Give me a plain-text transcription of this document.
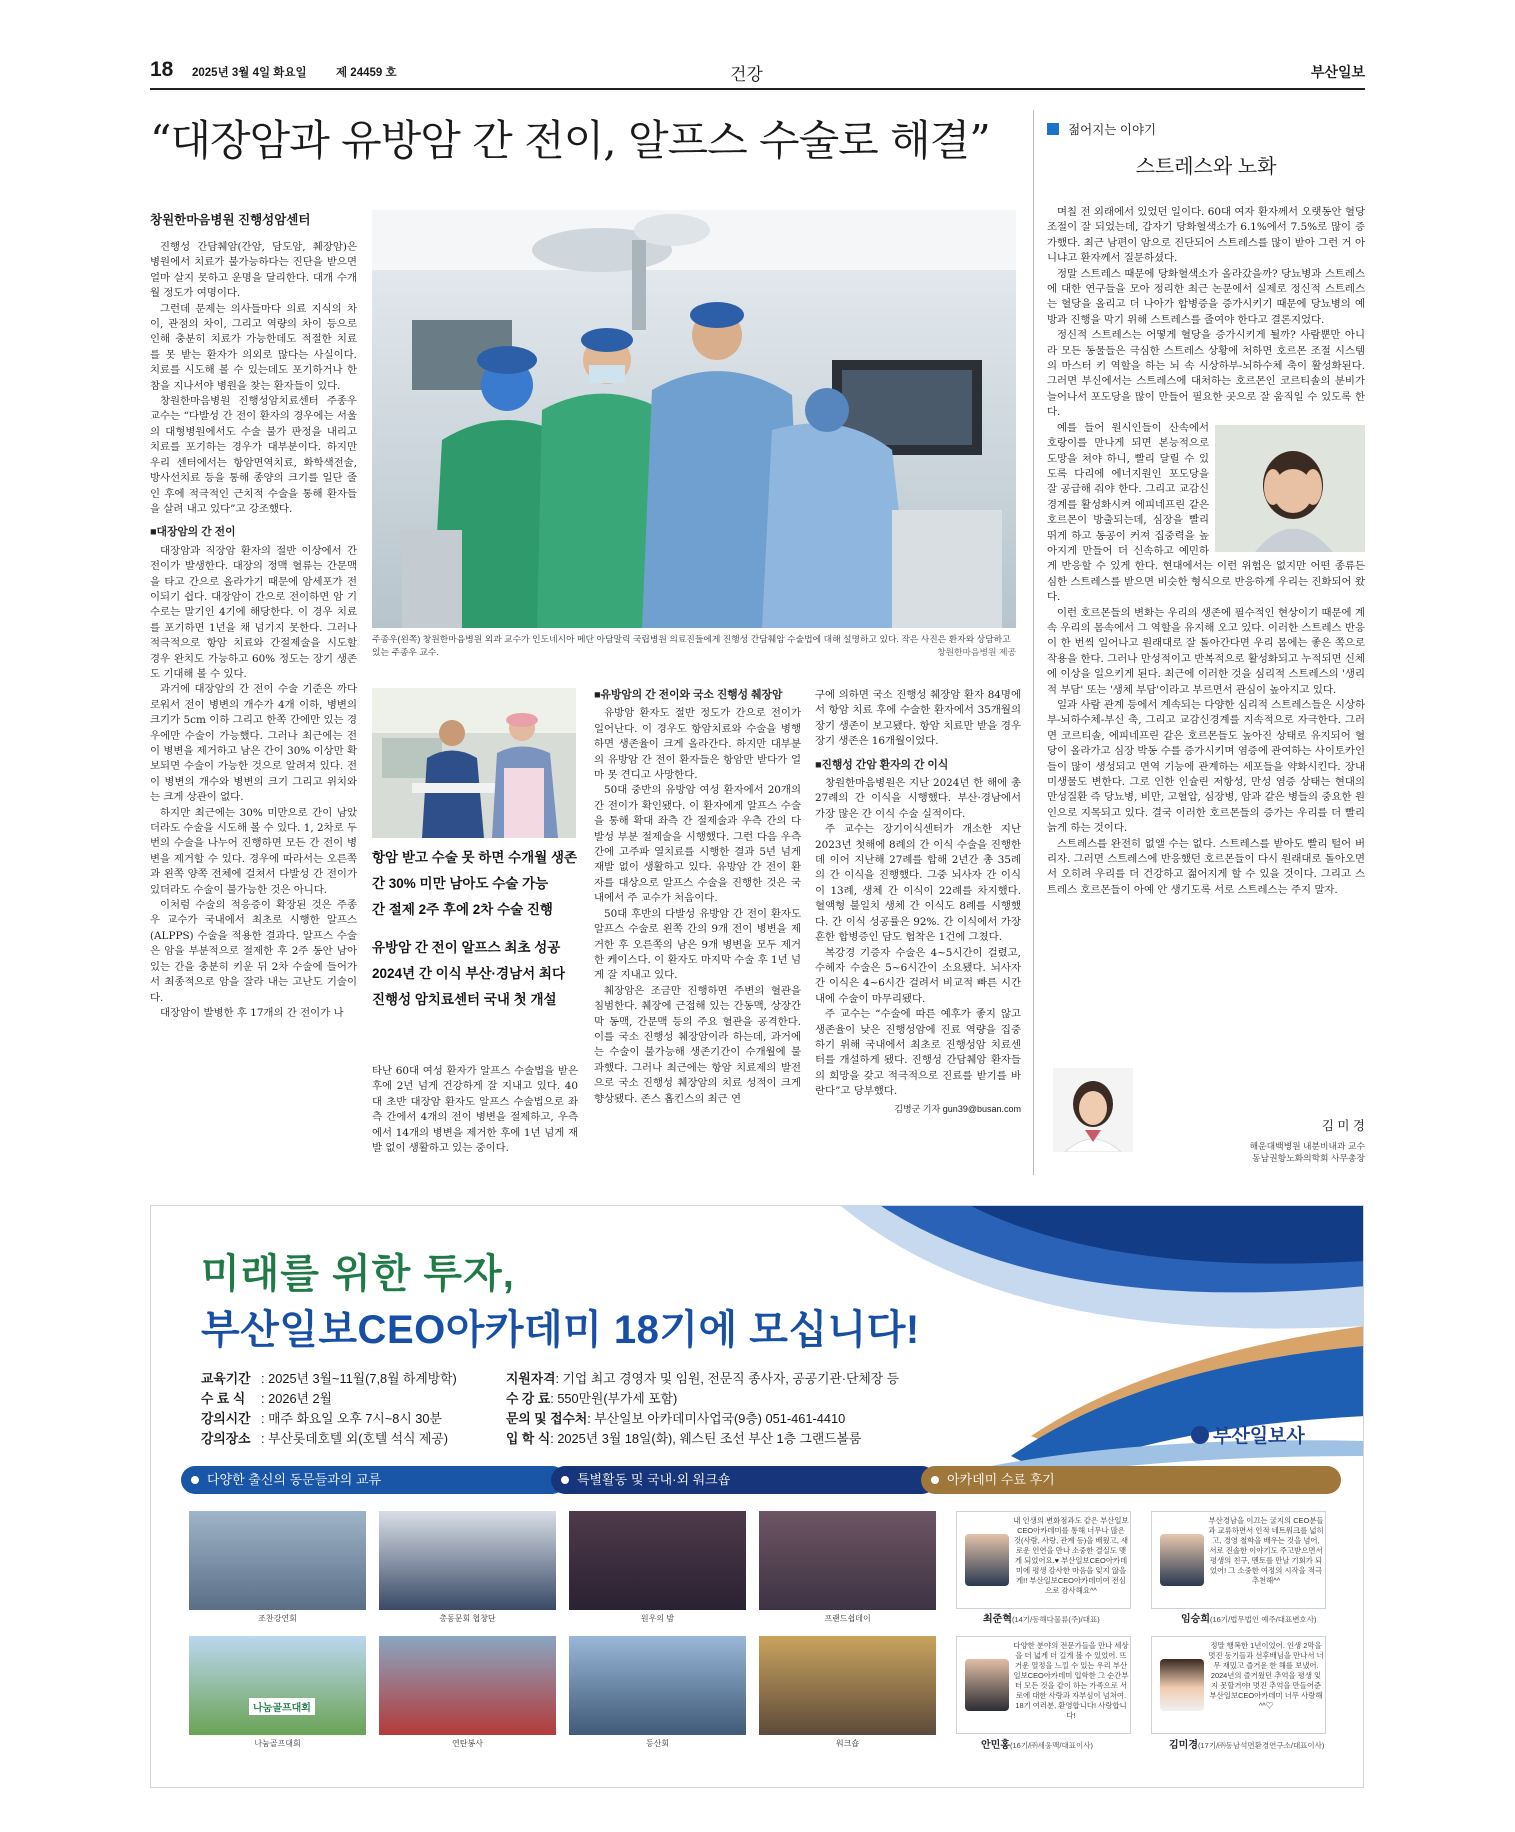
18 2025년 3월 4일 화요일	제 24459 호	건강	부산일보
“대장암과 유방암 간 전이, 알프스 수술로 해결”
창원한마음병원 진행성암센터

진행성 간담췌암(간암, 담도암, 췌장암)은 병원에서 치료가 불가능하다는 진단을 받으면 얼마 살지 못하고 운명을 달리한다. 대개 수개월 정도가 여명이다.

그런데 문제는 의사들마다 의료 지식의 차이, 관점의 차이, 그리고 역량의 차이 등으로 인해 충분히 치료가 가능한데도 적절한 치료를 못 받는 환자가 의외로 많다는 사실이다. 치료를 시도해 볼 수 있는데도 포기하거나 한 참을 지나서야 병원을 찾는 환자들이 있다.

창원한마음병원 진행성암치료센터 주종우 교수는 “다발성 간 전이 환자의 경우에는 서울의 대형병원에서도 수술 불가 판정을 내리고 치료를 포기하는 경우가 대부분이다. 하지만 우리 센터에서는 항암면역치료, 화학색전술, 방사선치료 등을 통해 종양의 크기를 일단 줄인 후에 적극적인 근치적 수술을 통해 환자들을 살려 내고 있다”고 강조했다.

■대장암의 간 전이

대장암과 직장암 환자의 절반 이상에서 간 전이가 발생한다. 대장의 정맥 혈류는 간문맥을 타고 간으로 올라가기 때문에 암세포가 전이되기 쉽다. 대장암이 간으로 전이하면 암 기수로는 말기인 4기에 해당한다. 이 경우 치료를 포기하면 1년을 채 넘기지 못한다. 그러나 적극적으로 항암 치료와 간절제술을 시도할 경우 완치도 가능하고 60% 정도는 장기 생존도 기대해 볼 수 있다.

과거에 대장암의 간 전이 수술 기준은 까다로워서 전이 병변의 개수가 4개 이하, 병변의 크기가 5cm 이하 그리고 한쪽 간에만 있는 경우에만 수술이 가능했다. 그러나 최근에는 전이 병변을 제거하고 남은 간이 30% 이상만 확보되면 수술이 가능한 것으로 알려져 있다. 전이 병변의 개수와 병변의 크기 그리고 위치와는 크게 상관이 없다.

하지만 최근에는 30% 미만으로 간이 남았더라도 수술을 시도해 볼 수 있다. 1, 2차로 두 번의 수술을 나누어 진행하면 모든 간 전이 병변을 제거할 수 있다. 경우에 따라서는 오른쪽과 왼쪽 양쪽 전체에 걸쳐서 다발성 간 전이가 있더라도 수술이 불가능한 것은 아니다.

이처럼 수술의 적응증이 확장된 것은 주종우 교수가 국내에서 최초로 시행한 알프스(ALPPS) 수술을 적용한 결과다. 알프스 수술은 암을 부분적으로 절제한 후 2주 동안 남아 있는 간을 충분히 키운 뒤 2차 수술에 들어가서 최종적으로 암을 잘라 내는 고난도 기술이다.

대장암이 발병한 후 17개의 간 전이가 나

주종우(왼쪽) 창원한마음병원 외과 교수가 인도네시아 메단 아담말릭 국립병원 의료진들에게 진행성 간담췌암 수술법에 대해 설명하고 있다. 작은 사진은 환자와 상담하고 있는 주종우 교수.	창원한마음병원 제공
항암 받고 수술 못 하면 수개월 생존
간 30% 미만 남아도 수술 가능
간 절제 2주 후에 2차 수술 진행
유방암 간 전이 알프스 최초 성공
2024년 간 이식 부산·경남서 최다
진행성 암치료센터 국내 첫 개설

타난 60대 여성 환자가 알프스 수술법을 받은 후에 2년 넘게 건강하게 잘 지내고 있다. 40대 초반 대장암 환자도 알프스 수술법으로 좌측 간에서 4개의 전이 병변을 절제하고, 우측에서 14개의 병변을 제거한 후에 1년 넘게 재발 없이 생활하고 있는 중이다.

■유방암의 간 전이와 국소 진행성 췌장암

유방암 환자도 절반 정도가 간으로 전이가 일어난다. 이 경우도 항암치료와 수술을 병행하면 생존율이 크게 올라간다. 하지만 대부분의 유방암 간 전이 환자들은 항암만 받다가 얼마 못 견디고 사망한다.

50대 중반의 유방암 여성 환자에서 20개의 간 전이가 확인됐다. 이 환자에게 알프스 수술을 통해 확대 좌측 간 절제술과 우측 간의 다발성 부분 절제술을 시행했다. 그런 다음 우측 간에 고주파 열치료를 시행한 결과 5년 넘게 재발 없이 생활하고 있다. 유방암 간 전이 환자를 대상으로 알프스 수술을 진행한 것은 국내에서 주 교수가 처음이다.

50대 후반의 다발성 유방암 간 전이 환자도 알프스 수술로 왼쪽 간의 9개 전이 병변을 제거한 후 오른쪽의 남은 9개 병변을 모두 제거한 케이스다. 이 환자도 마지막 수술 후 1년 넘게 잘 지내고 있다.

췌장암은 조금만 진행하면 주변의 혈관을 침범한다. 췌장에 근접해 있는 간동맥, 상장간막 동맥, 간문맥 등의 주요 혈관을 공격한다. 이를 국소 진행성 췌장암이라 하는데, 과거에는 수술이 불가능해 생존기간이 수개월에 불과했다. 그러나 최근에는 항암 치료제의 발전으로 국소 진행성 췌장암의 치료 성적이 크게 향상됐다. 존스 홉킨스의 최근 연

구에 의하면 국소 진행성 췌장암 환자 84명에서 항암 치료 후에 수술한 환자에서 35개월의 장기 생존이 보고됐다. 항암 치료만 받을 경우 장기 생존은 16개월이었다.

■진행성 간암 환자의 간 이식

창원한마음병원은 지난 2024년 한 해에 총 27례의 간 이식을 시행했다. 부산·경남에서 가장 많은 간 이식 수술 실적이다.

주 교수는 장기이식센터가 개소한 지난 2023년 첫해에 8례의 간 이식 수술을 진행한 데 이어 지난해 27례를 합해 2년간 총 35례의 간 이식을 진행했다. 그중 뇌사자 간 이식이 13례, 생체 간 이식이 22례를 차지했다. 혈액형 불일치 생체 간 이식도 8례를 시행했다. 간 이식 성공률은 92%. 간 이식에서 가장 흔한 합병증인 담도 협착은 1건에 그쳤다.

복강경 기증자 수술은 4~5시간이 걸렸고, 수혜자 수술은 5~6시간이 소요됐다. 뇌사자 간 이식은 4~6시간 걸려서 비교적 빠른 시간 내에 수술이 마무리됐다.

주 교수는 “수술에 따른 예후가 좋지 않고 생존율이 낮은 진행성암에 진료 역량을 집중하기 위해 국내에서 최초로 진행성암 치료센터를 개설하게 됐다. 진행성 간담췌암 환자들의 희망을 갖고 적극적으로 진료를 받기를 바란다”고 당부했다.

김병군 기자 gun39@busan.com
젊어지는 이야기
스트레스와 노화

며칠 전 외래에서 있었던 일이다. 60대 여자 환자께서 오랫동안 혈당 조절이 잘 되었는데, 갑자기 당화혈색소가 6.1%에서 7.5%로 많이 증가했다. 최근 남편이 암으로 진단되어 스트레스를 많이 받아 그런 거 아니냐고 환자께서 질문하셨다.

정말 스트레스 때문에 당화혈색소가 올라갔을까? 당뇨병과 스트레스에 대한 연구들을 모아 정리한 최근 논문에서 실제로 정신적 스트레스는 혈당을 올리고 더 나아가 합병증을 증가시키기 때문에 당뇨병의 예방과 진행을 막기 위해 스트레스를 줄여야 한다고 결론지었다.

정신적 스트레스는 어떻게 혈당을 증가시키게 될까? 사람뿐만 아니라 모든 동물들은 극심한 스트레스 상황에 처하면 호르몬 조절 시스템의 마스터 키 역할을 하는 뇌 속 시상하부-뇌하수체 축이 활성화된다. 그러면 부신에서는 스트레스에 대처하는 호르몬인 코르티솔의 분비가 늘어나서 포도당을 많이 만들어 필요한 곳으로 잘 움직일 수 있도록 한다.

예를 들어 원시인들이 산속에서 호랑이를 만나게 되면 본능적으로 도망을 쳐야 하니, 빨리 달릴 수 있도록 다리에 에너지원인 포도당을 잘 공급해 줘야 한다. 그리고 교감신경계를 활성화시켜 에피네프린 같은 호르몬이 방출되는데, 심장을 빨리 뛰게 하고 동공이 커져 집중력을 높아지게 만들어 더 신속하고 예민하게 반응할 수 있게 한다. 현대에서는 이런 위험은 없지만 어떤 종류든 심한 스트레스를 받으면 비슷한 형식으로 반응하게 우리는 진화되어 왔다.

이런 호르몬들의 변화는 우리의 생존에 필수적인 현상이기 때문에 계속 우리의 몸속에서 그 역할을 유지해 오고 있다. 이러한 스트레스 반응이 한 번씩 일어나고 원래대로 잘 돌아간다면 우리 몸에는 좋은 쪽으로 작용을 한다. 그러나 만성적이고 반복적으로 활성화되고 누적되면 신체에 이상을 일으키게 된다. 최근에 이러한 것을 심리적 스트레스의 '생리적 부담' 또는 '생체 부담'이라고 부르면서 관심이 높아지고 있다.

일과 사람 관계 등에서 계속되는 다양한 심리적 스트레스들은 시상하부-뇌하수체-부신 축, 그리고 교감신경계를 지속적으로 자극한다. 그러면 코르티솔, 에피네프린 같은 호르몬들도 높아진 상태로 유지되어 혈당이 올라가고 심장 박동 수를 증가시키며 염증에 관여하는 사이토카인들이 많이 생성되고 면역 기능에 관계하는 세포들을 약화시킨다. 장내 미생물도 변한다. 그로 인한 인슐린 저항성, 만성 염증 상태는 현대의 만성질환 즉 당뇨병, 비만, 고혈압, 심장병, 암과 같은 병들의 중요한 원인으로 지목되고 있다. 결국 이러한 호르몬들의 증가는 우리를 더 빨리 늙게 하는 것이다.

스트레스를 완전히 없앨 수는 없다. 스트레스를 받아도 빨리 털어 버리자. 그러면 스트레스에 반응했던 호르몬들이 다시 원래대로 돌아오면서 오히려 우리를 더 건강하고 젊어지게 할 수 있을 것이다. 그리고 스트레스 호르몬들이 아예 안 생기도록 서로 스트레스는 주지 말자.

김 미 경
해운대백병원 내분비내과 교수
동남권항노화의학회 사무총장
미래를 위한 투자,
부산일보CEO아카데미 18기에 모십니다!
교육기간 : 2025년 3월~11월(7,8월 하계방학)
수 료 식 : 2026년 2월
강의시간 : 매주 화요일 오후 7시~8시 30분
강의장소 : 부산롯데호텔 외(호텔 석식 제공)
지원자격: 기업 최고 경영자 및 임원, 전문직 종사자, 공공기관·단체장 등
수 강 료: 550만원(부가세 포함)
문의 및 접수처: 부산일보 아카데미사업국(9층) 051-461-4410
입 학 식: 2025년 3월 18일(화), 웨스틴 조선 부산 1층 그랜드볼룸	부산일보사
다양한 출신의 동문들과의 교류	특별활동 및 국내·외 워크숍	아카데미 수료 후기
조찬강연회	총동문회 협창단	원우의 밤	프랜드쉽데이
나눔골프대회
나눔골프대회	연탄봉사	등산회	워크숍
내 인생의 변화점과도 같은 부산일보 CEO아카데미를 통해 너무나 많은 것(사람, 사랑, 관계 등)을 배웠고, 새로운 인연을 만나 소중한 결실도 맺게 되었어요.♥ 부산일보CEO아카데미에 평생 감사한 마음을 잊지 않을게!! 부산일보CEO아카데미여 전심으로 감사해요^^
최준혁(14기/동해다물류(주)/대표)
부산경남을 이끄는 굴지의 CEO분들과 교류하면서 인적 네트워크를 넓히고, 경영 철학을 배우는 것을 넘어, 서로 진솔한 이야기도 주고받으면서 평생의 친구, 멘토를 만날 기회가 되었어! 그 소중한 여정의 시작을 적극 추천해^^
임승희(16기/법무법인 예주/대표변호사)
다양한 분야의 전문가들을 만나 세상을 더 넓게 더 길게 볼 수 있었어. 뜨거운 열정을 느낄 수 있는 우리 부산일보CEO아카데미 입학한 그 순간부터 모든 것을 같이 하는 가족으로 서로에 대한 사랑과 자부심이 넘쳐여. 18기 여러분, 환영합니다! 사랑합니다!
안민홍(16기/㈜세웅맥/대표이사)
정말 행복한 1년이었어. 인생 2막을 멋진 동기들과 선후배님을 만나서 너무 재밌고 즐거운 한 해를 보냈어. 2024년의 즐거웠던 추억을 평생 잊지 못할거야! 멋진 추억을 만들어준 부산일보CEO아카데미 너무 사랑해^^♡
김미경(17기/㈜동남석면환경연구소/대표이사)
